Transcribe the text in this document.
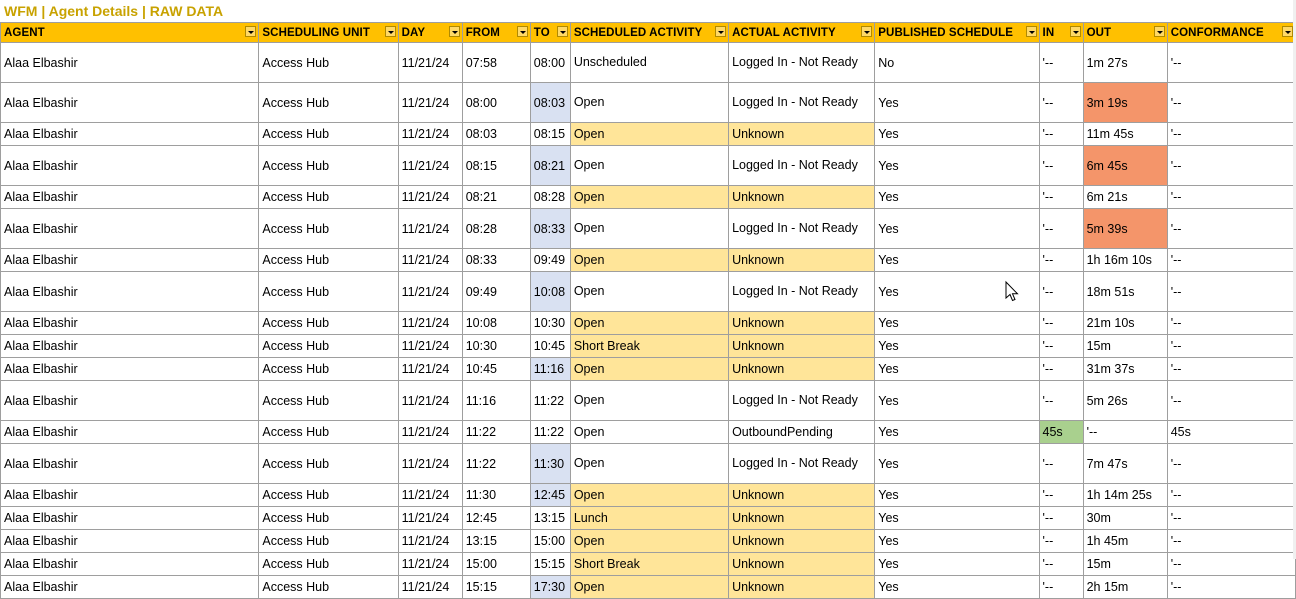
WFM | Agent Details | RAW DATA
AGENT	SCHEDULING UNIT	DAY	FROM	TO	SCHEDULED ACTIVITY	ACTUAL ACTIVITY	PUBLISHED SCHEDULE	IN	OUT	CONFORMANCE

Alaa Elbashir	Access Hub	11/21/24	07:58	08:00	Unscheduled	Logged In - Not Ready	No	'--	1m 27s	'--
Alaa Elbashir	Access Hub	11/21/24	08:00	08:03	Open	Logged In - Not Ready	Yes	'--	3m 19s	'--
Alaa Elbashir	Access Hub	11/21/24	08:03	08:15	Open	Unknown	Yes	'--	11m 45s	'--
Alaa Elbashir	Access Hub	11/21/24	08:15	08:21	Open	Logged In - Not Ready	Yes	'--	6m 45s	'--
Alaa Elbashir	Access Hub	11/21/24	08:21	08:28	Open	Unknown	Yes	'--	6m 21s	'--
Alaa Elbashir	Access Hub	11/21/24	08:28	08:33	Open	Logged In - Not Ready	Yes	'--	5m 39s	'--
Alaa Elbashir	Access Hub	11/21/24	08:33	09:49	Open	Unknown	Yes	'--	1h 16m 10s	'--
Alaa Elbashir	Access Hub	11/21/24	09:49	10:08	Open	Logged In - Not Ready	Yes	'--	18m 51s	'--
Alaa Elbashir	Access Hub	11/21/24	10:08	10:30	Open	Unknown	Yes	'--	21m 10s	'--
Alaa Elbashir	Access Hub	11/21/24	10:30	10:45	Short Break	Unknown	Yes	'--	15m	'--
Alaa Elbashir	Access Hub	11/21/24	10:45	11:16	Open	Unknown	Yes	'--	31m 37s	'--
Alaa Elbashir	Access Hub	11/21/24	11:16	11:22	Open	Logged In - Not Ready	Yes	'--	5m 26s	'--
Alaa Elbashir	Access Hub	11/21/24	11:22	11:22	Open	OutboundPending	Yes	45s	'--	45s
Alaa Elbashir	Access Hub	11/21/24	11:22	11:30	Open	Logged In - Not Ready	Yes	'--	7m 47s	'--
Alaa Elbashir	Access Hub	11/21/24	11:30	12:45	Open	Unknown	Yes	'--	1h 14m 25s	'--
Alaa Elbashir	Access Hub	11/21/24	12:45	13:15	Lunch	Unknown	Yes	'--	30m	'--
Alaa Elbashir	Access Hub	11/21/24	13:15	15:00	Open	Unknown	Yes	'--	1h 45m	'--
Alaa Elbashir	Access Hub	11/21/24	15:00	15:15	Short Break	Unknown	Yes	'--	15m	'--
Alaa Elbashir	Access Hub	11/21/24	15:15	17:30	Open	Unknown	Yes	'--	2h 15m	'--
